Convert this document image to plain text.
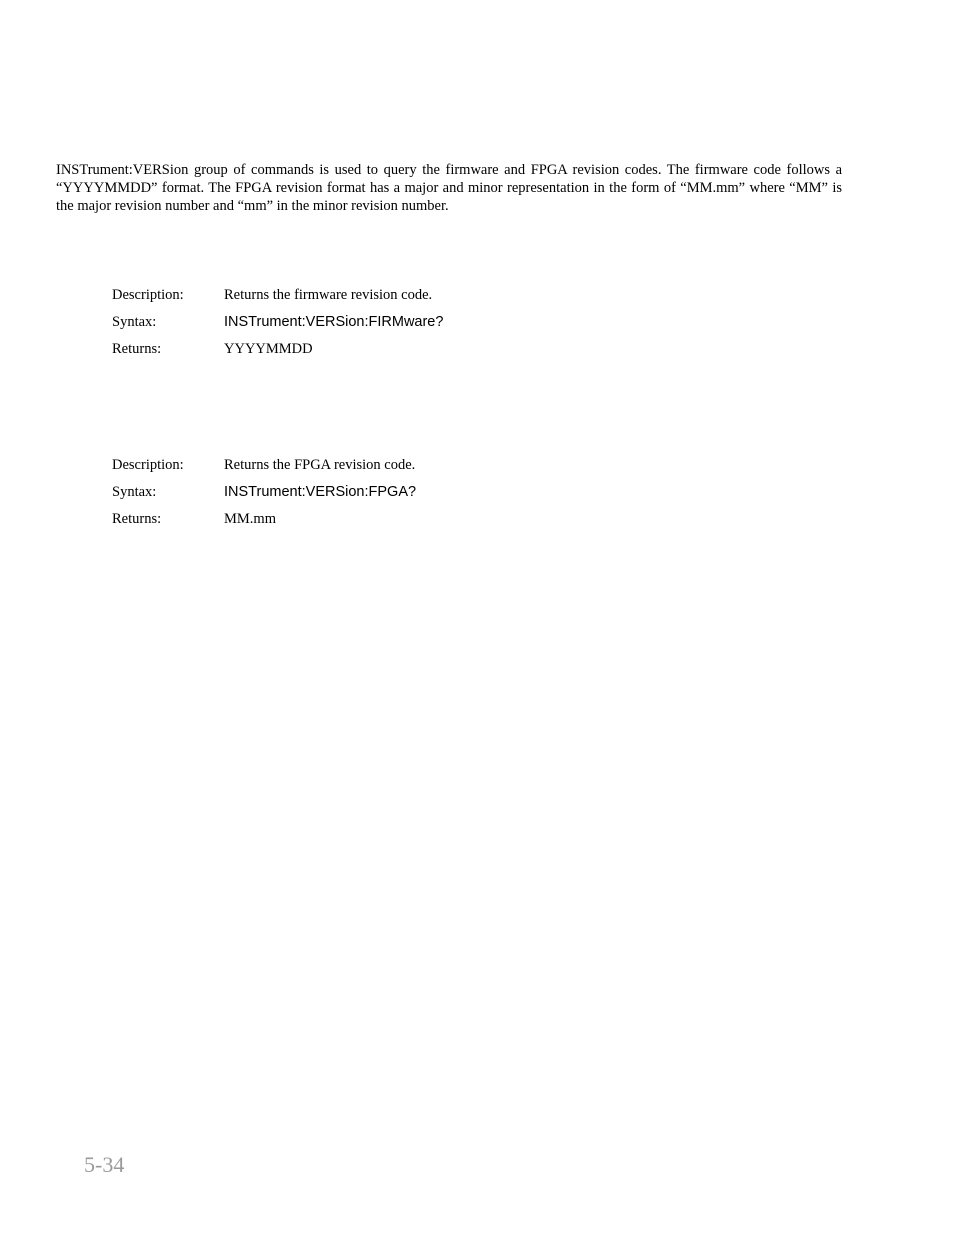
INSTrument:VERSion group of commands is used to query the firmware and FPGA revision codes. The firmware code follows a “YYYYMMDD” format. The FPGA revision format has a major and minor representation in the form of “MM.mm” where “MM” is the major revision number and “mm” in the minor revision number.

Description:	Returns the firmware revision code.
Syntax:	INSTrument:VERSion:FIRMware?
Returns:	YYYYMMDD
Description:	Returns the FPGA revision code.
Syntax:	INSTrument:VERSion:FPGA?
Returns:	MM.mm
5-34
